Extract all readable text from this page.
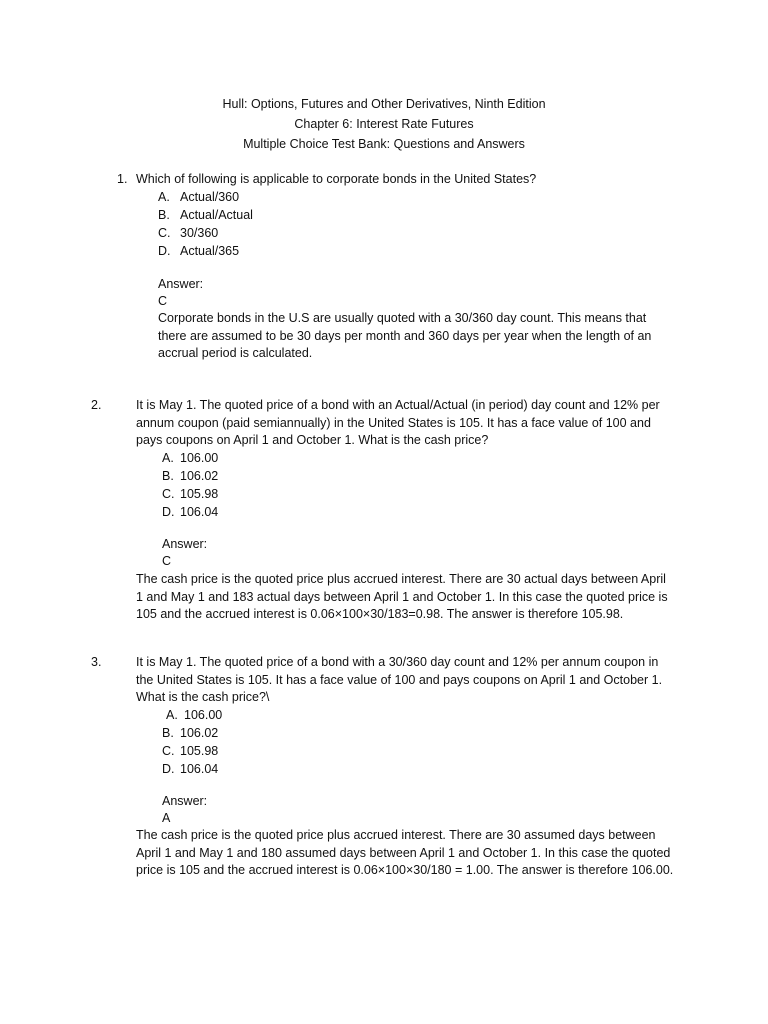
Hull: Options, Futures and Other Derivatives, Ninth Edition
Chapter 6: Interest Rate Futures
Multiple Choice Test Bank: Questions and Answers
1. Which of following is applicable to corporate bonds in the United States?
A. Actual/360
B. Actual/Actual
C. 30/360
D. Actual/365
Answer: C
Corporate bonds in the U.S are usually quoted with a 30/360 day count. This means that
there are assumed to be 30 days per month and 360 days per year when the length of an
accrual period is calculated.
2.	It is May 1. The quoted price of a bond with an Actual/Actual (in period) day count and 12% per
annum coupon (paid semiannually) in the United States is 105. It has a face value of 100 and
pays coupons on April 1 and October 1. What is the cash price?
A. 106.00
B. 106.02
C. 105.98
D. 106.04
Answer: C
The cash price is the quoted price plus accrued interest. There are 30 actual days between April
1 and May 1 and 183 actual days between April 1 and October 1. In this case the quoted price is
105 and the accrued interest is 0.06×100×30/183=0.98. The answer is therefore 105.98.
3.	It is May 1. The quoted price of a bond with a 30/360 day count and 12% per annum coupon in
the United States is 105. It has a face value of 100 and pays coupons on April 1 and October 1.
What is the cash price?\
A. 106.00
B. 106.02
C. 105.98
D. 106.04
Answer: A
The cash price is the quoted price plus accrued interest. There are 30 assumed days between
April 1 and May 1 and 180 assumed days between April 1 and October 1. In this case the quoted
price is 105 and the accrued interest is 0.06×100×30/180 = 1.00. The answer is therefore 106.00.
